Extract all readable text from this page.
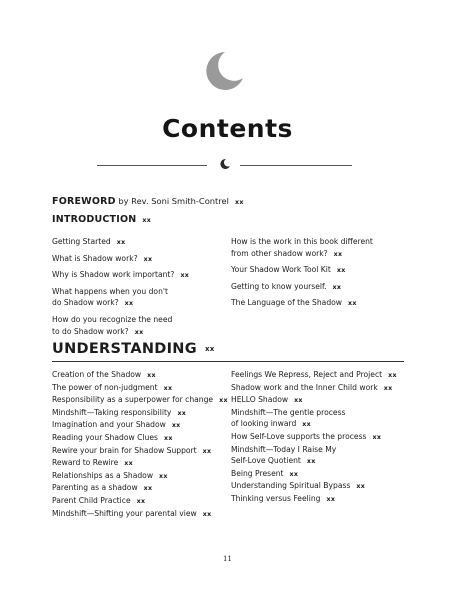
Contents
FOREWORD by Rev. Soni Smith-Contrel xx
INTRODUCTION xx
Getting Started xx
What is Shadow work? xx
Why is Shadow work important? xx
What happens when you don't
do Shadow work? xx
How do you recognize the need
to do Shadow work? xx
How is the work in this book different
from other shadow work? xx
Your Shadow Work Tool Kit xx
Getting to know yourself. xx
The Language of the Shadow xx
UNDERSTANDING xx
Creation of the Shadow xx
The power of non-judgment xx
Responsibility as a superpower for change xx
Mindshift—Taking responsibility xx
Imagination and your Shadow xx
Reading your Shadow Clues xx
Rewire your brain for Shadow Support xx
Reward to Rewire xx
Relationships as a Shadow xx
Parenting as a shadow xx
Parent Child Practice xx
Mindshift—Shifting your parental view xx
Feelings We Repress, Reject and Project xx
Shadow work and the Inner Child work xx
HELLO Shadow xx
Mindshift—The gentle process
of looking inward xx
How Self-Love supports the process xx
Mindshift—Today I Raise My
Self-Love Quotient xx
Being Present xx
Understanding Spiritual Bypass xx
Thinking versus Feeling xx
11
